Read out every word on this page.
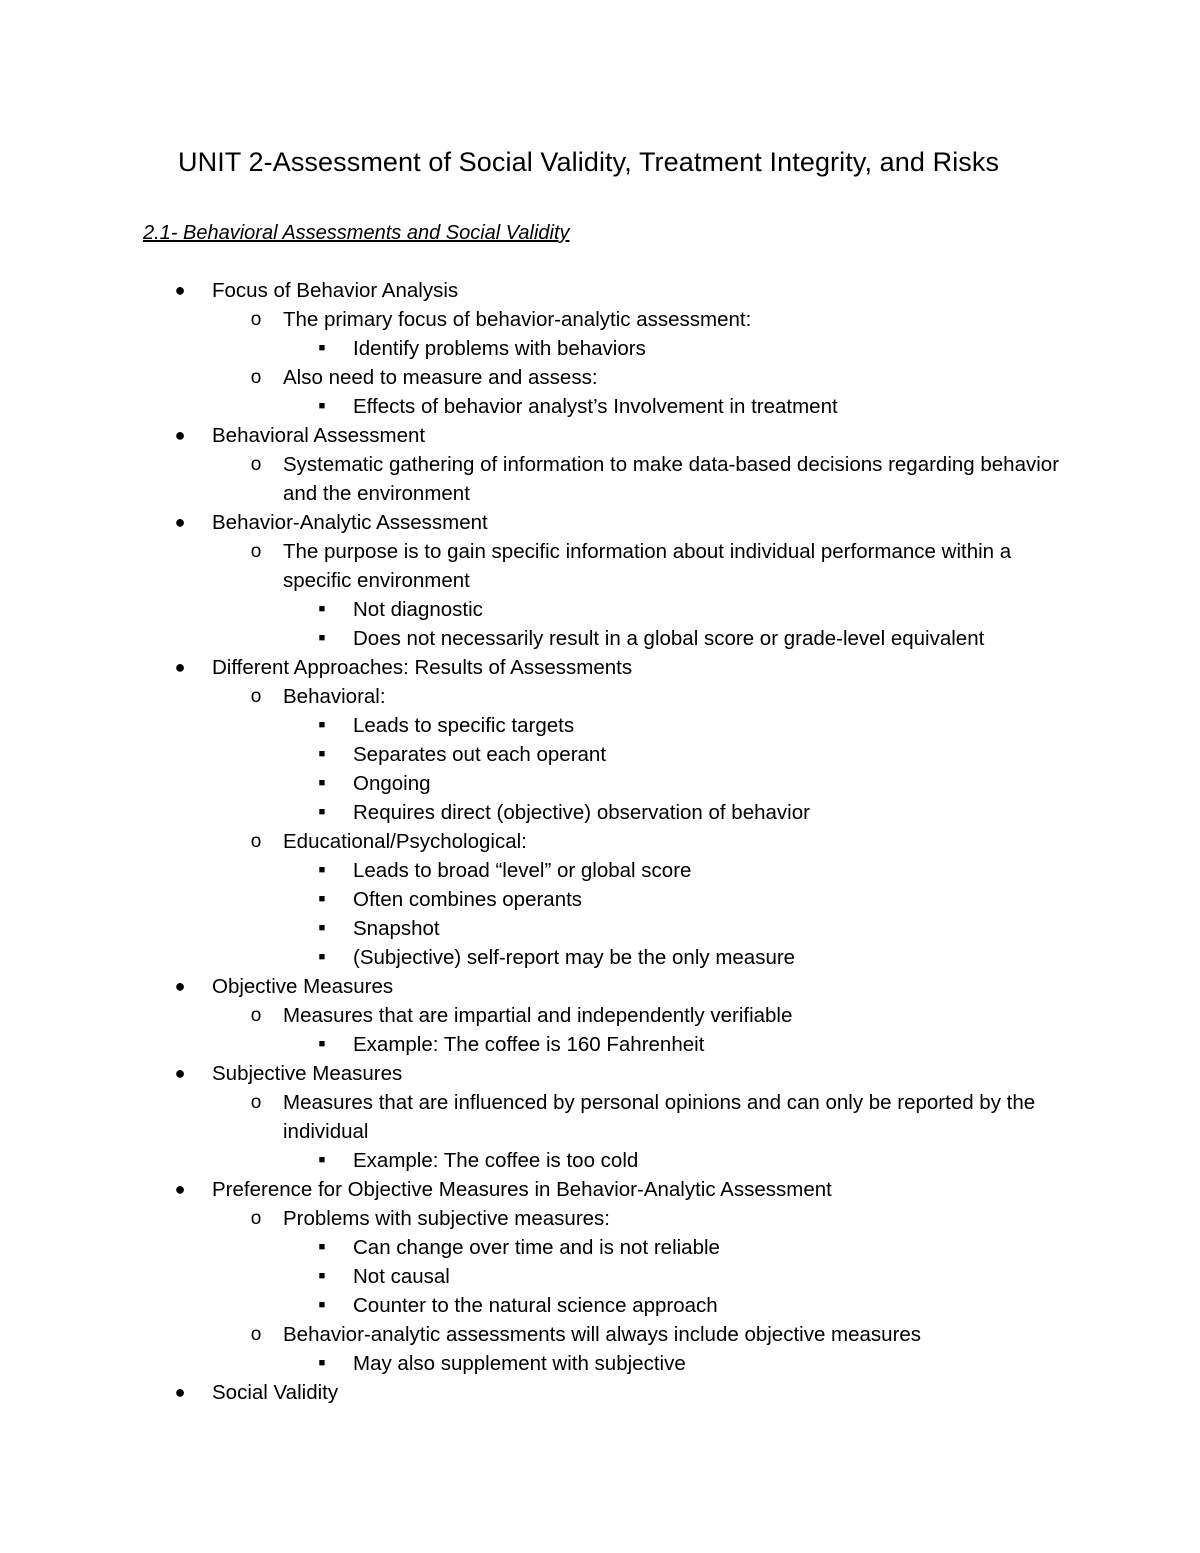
UNIT 2-Assessment of Social Validity, Treatment Integrity, and Risks
2.1- Behavioral Assessments and Social Validity
● Focus of Behavior Analysis
o The primary focus of behavior-analytic assessment:
■	Identify problems with behaviors
o Also need to measure and assess:
■	Effects of behavior analyst’s Involvement in treatment
● Behavioral Assessment
o Systematic gathering of information to make data-based decisions regarding behavior and the environment
● Behavior-Analytic Assessment
o The purpose is to gain specific information about individual performance within a specific environment
■	Not diagnostic
■	Does not necessarily result in a global score or grade-level equivalent
● Different Approaches: Results of Assessments
o Behavioral:
■	Leads to specific targets
■	Separates out each operant
■	Ongoing
■	Requires direct (objective) observation of behavior
o Educational/Psychological:
■	Leads to broad “level” or global score
■	Often combines operants
■	Snapshot
■	(Subjective) self-report may be the only measure
● Objective Measures
o Measures that are impartial and independently verifiable
■	Example: The coffee is 160 Fahrenheit
● Subjective Measures
o Measures that are influenced by personal opinions and can only be reported by the individual
■	Example: The coffee is too cold
● Preference for Objective Measures in Behavior-Analytic Assessment
o Problems with subjective measures:
■	Can change over time and is not reliable
■	Not causal
■	Counter to the natural science approach
o Behavior-analytic assessments will always include objective measures
■	May also supplement with subjective
● Social Validity
